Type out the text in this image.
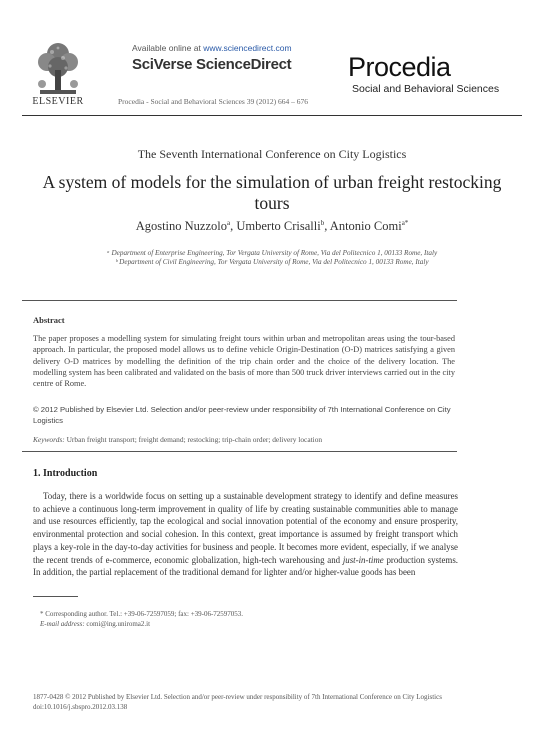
ELSEVIER
Available online at www.sciencedirect.com
SciVerse ScienceDirect
Procedia - Social and Behavioral Sciences 39 (2012) 664 – 676
Procedia
Social and Behavioral Sciences
The Seventh International Conference on City Logistics
A system of models for the simulation of urban freight restocking tours
Agostino Nuzzolo$^a$, Umberto Crisalli$^b$, Antonio Comi$^{a*}$
ᵃ Department of Enterprise Engineering, Tor Vergata University of Rome, Via del Politecnico 1, 00133 Rome, Italy
ᵇ Department of Civil Engineering, Tor Vergata University of Rome, Via del Politecnico 1, 00133 Rome, Italy
Abstract
The paper proposes a modelling system for simulating freight tours within urban and metropolitan areas using the tour-based approach. In particular, the proposed model allows us to define vehicle Origin-Destination (O-D) matrices satisfying a given delivery O-D matrices by modelling the definition of the trip chain order and the choice of the delivery location. The modelling system has been calibrated and validated on the basis of more than 500 truck driver interviews carried out in the city centre of Rome.
© 2012 Published by Elsevier Ltd. Selection and/or peer-review under responsibility of 7th International Conference on City Logistics
Keywords: Urban freight transport; freight demand; restocking; trip-chain order; delivery location
1. Introduction
Today, there is a worldwide focus on setting up a sustainable development strategy to identify and define measures to achieve a continuous long-term improvement in quality of life by creating sustainable communities able to manage and use resources efficiently, tap the ecological and social innovation potential of the economy and ensure prosperity, environmental protection and social cohesion. In this context, great importance is assumed by freight transport which plays a key-role in the day-to-day activities for business and people. It becomes more evident, especially, if we analyse the recent trends of e-commerce, economic globalization, high-tech warehousing and just-in-time production systems. In addition, the partial replacement of the traditional demand for lighter and/or higher-value goods has been
* Corresponding author. Tel.: +39-06-72597059; fax: +39-06-72597053.
E-mail address: comi@ing.uniroma2.it
1877-0428 © 2012 Published by Elsevier Ltd. Selection and/or peer-review under responsibility of 7th International Conference on City Logistics
doi:10.1016/j.sbspro.2012.03.138
